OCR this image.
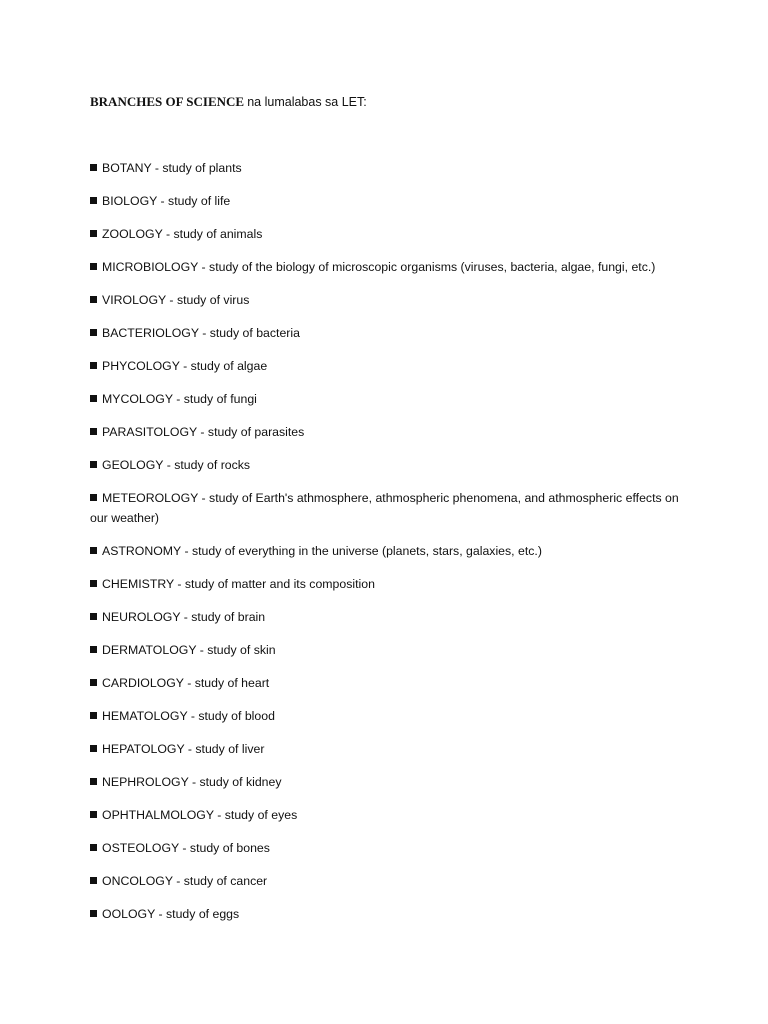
BRANCHES OF SCIENCE na lumalabas sa LET:
BOTANY - study of plants
BIOLOGY - study of life
ZOOLOGY - study of animals
MICROBIOLOGY - study of the biology of microscopic organisms (viruses, bacteria, algae, fungi, etc.)
VIROLOGY - study of virus
BACTERIOLOGY - study of bacteria
PHYCOLOGY - study of algae
MYCOLOGY - study of fungi
PARASITOLOGY - study of parasites
GEOLOGY - study of rocks
METEOROLOGY - study of Earth's athmosphere, athmospheric phenomena, and athmospheric effects on our weather)
ASTRONOMY - study of everything in the universe (planets, stars, galaxies, etc.)
CHEMISTRY - study of matter and its composition
NEUROLOGY - study of brain
DERMATOLOGY - study of skin
CARDIOLOGY - study of heart
HEMATOLOGY - study of blood
HEPATOLOGY - study of liver
NEPHROLOGY - study of kidney
OPHTHALMOLOGY - study of eyes
OSTEOLOGY - study of bones
ONCOLOGY - study of cancer
OOLOGY - study of eggs
